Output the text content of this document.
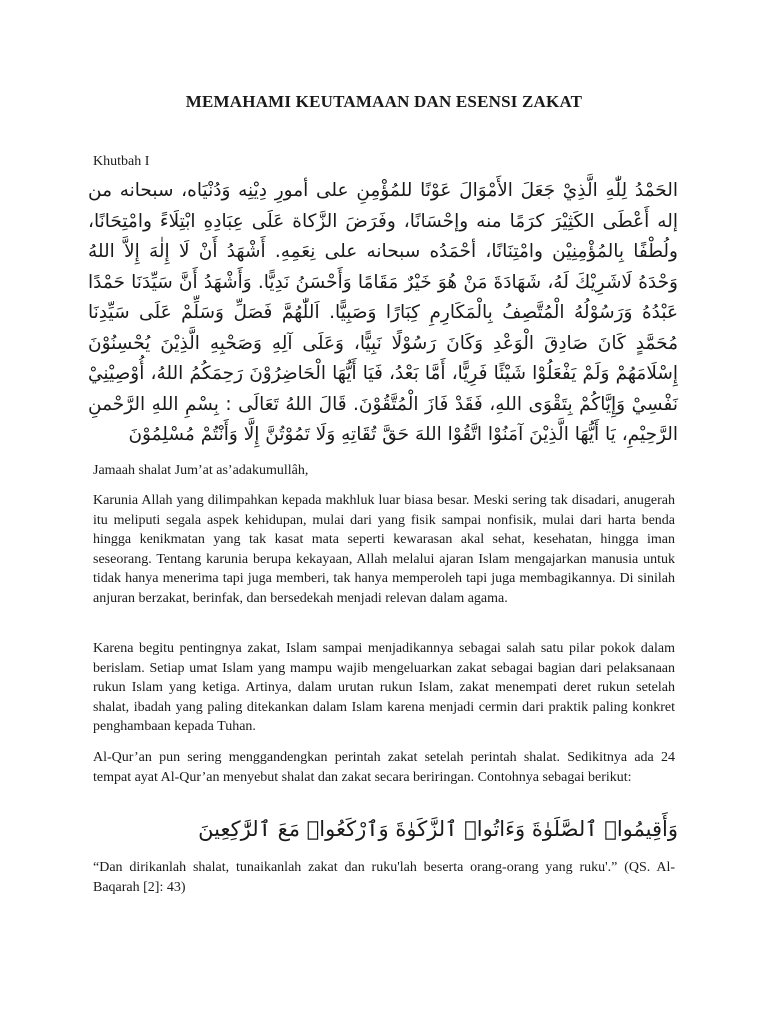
MEMAHAMI KEUTAMAAN DAN ESENSI ZAKAT
Khutbah I
الحَمْدُ لِلّٰهِ الَّذِيْ جَعَلَ الأَمْوَالَ عَوْنًا للمُؤْمِنِ على أمورِ دِيْنِه وَدُنْيَاه، سبحانه من إله أَعْطَى الكَثِيْرَ كرَمًا منه وإحْسَانًا، وفَرَضَ الزَّكاة عَلَى عِبَادِهِ ابْتِلَاءً وامْتِحَانًا، ولُطْفًا بِالمُؤْمِنِيْن وامْتِنَانًا، أحْمَدُه سبحانه على نِعَمِهِ. أَشْهَدُ أَنْ لَا إِلٰهَ إِلاَّ اللهُ وَحْدَهُ لَاشَرِيْكَ لَهُ، شَهَادَةَ مَنْ هُوَ خَيْرٌ مَقَامًا وَأَحْسَنُ نَدِيًّا. وَأَشْهَدُ أَنَّ سَيِّدَنَا حَمْدًا عَبْدُهُ وَرَسُوْلُهُ الْمُتَّصِفُ بِالْمَكَارِمِ كِبَارًا وَصَبِيًّا. اَللّٰهُمَّ فَصَلِّ وَسَلِّمْ عَلَى سَيِّدِنَا مُحَمَّدٍ كَانَ صَادِقَ الْوَعْدِ وَكَانَ رَسُوْلًا نَبِيًّا، وَعَلَى آلِهِ وَصَحْبِهِ الَّذِيْنَ يُحْسِنُوْنَ إِسْلَامَهُمْ وَلَمْ يَفْعَلُوْا شَيْئًا فَرِيًّا، أَمَّا بَعْدُ، فَيَا أَيُّهَا الْحَاضِرُوْنَ رَحِمَكُمُ اللهُ، أُوْصِيْنِيْ نَفْسِيْ وَإِيَّاكُمْ بِتَقْوَى اللهِ، فَقَدْ فَازَ الْمُتَّقُوْنَ. قَالَ اللهُ تَعَالَى : بِسْمِ اللهِ الرَّحْمنِ الرَّحِيْمِ، يَا أَيُّهَا الَّذِيْنَ آمَنُوْا اتَّقُوْا اللهَ حَقَّ تُقَاتِهِ وَلَا تَمُوْتُنَّ إِلَّا وَأَنْتُمْ مُسْلِمُوْنَ
Jamaah shalat Jum’at as’adakumullâh,
Karunia Allah yang dilimpahkan kepada makhluk luar biasa besar. Meski sering tak disadari, anugerah itu meliputi segala aspek kehidupan, mulai dari yang fisik sampai nonfisik, mulai dari harta benda hingga kenikmatan yang tak kasat mata seperti kewarasan akal sehat, kesehatan, hingga iman seseorang. Tentang karunia berupa kekayaan, Allah melalui ajaran Islam mengajarkan manusia untuk tidak hanya menerima tapi juga memberi, tak hanya memperoleh tapi juga membagikannya. Di sinilah anjuran berzakat, berinfak, dan bersedekah menjadi relevan dalam agama.
Karena begitu pentingnya zakat, Islam sampai menjadikannya sebagai salah satu pilar pokok dalam berislam. Setiap umat Islam yang mampu wajib mengeluarkan zakat sebagai bagian dari pelaksanaan rukun Islam yang ketiga. Artinya, dalam urutan rukun Islam, zakat menempati deret rukun setelah shalat, ibadah yang paling ditekankan dalam Islam karena menjadi cermin dari praktik paling konkret penghambaan kepada Tuhan.
Al-Qur’an pun sering menggandengkan perintah zakat setelah perintah shalat. Sedikitnya ada 24 tempat ayat Al-Qur’an menyebut shalat dan zakat secara beriringan. Contohnya sebagai berikut:
وَأَقِيمُوا۟ ٱلصَّلَوٰةَ وَءَاتُوا۟ ٱلزَّكَوٰةَ وَٱرْكَعُوا۟ مَعَ ٱلرَّٰكِعِينَ
“Dan dirikanlah shalat, tunaikanlah zakat dan ruku'lah beserta orang-orang yang ruku'.” (QS. Al-Baqarah [2]: 43)
